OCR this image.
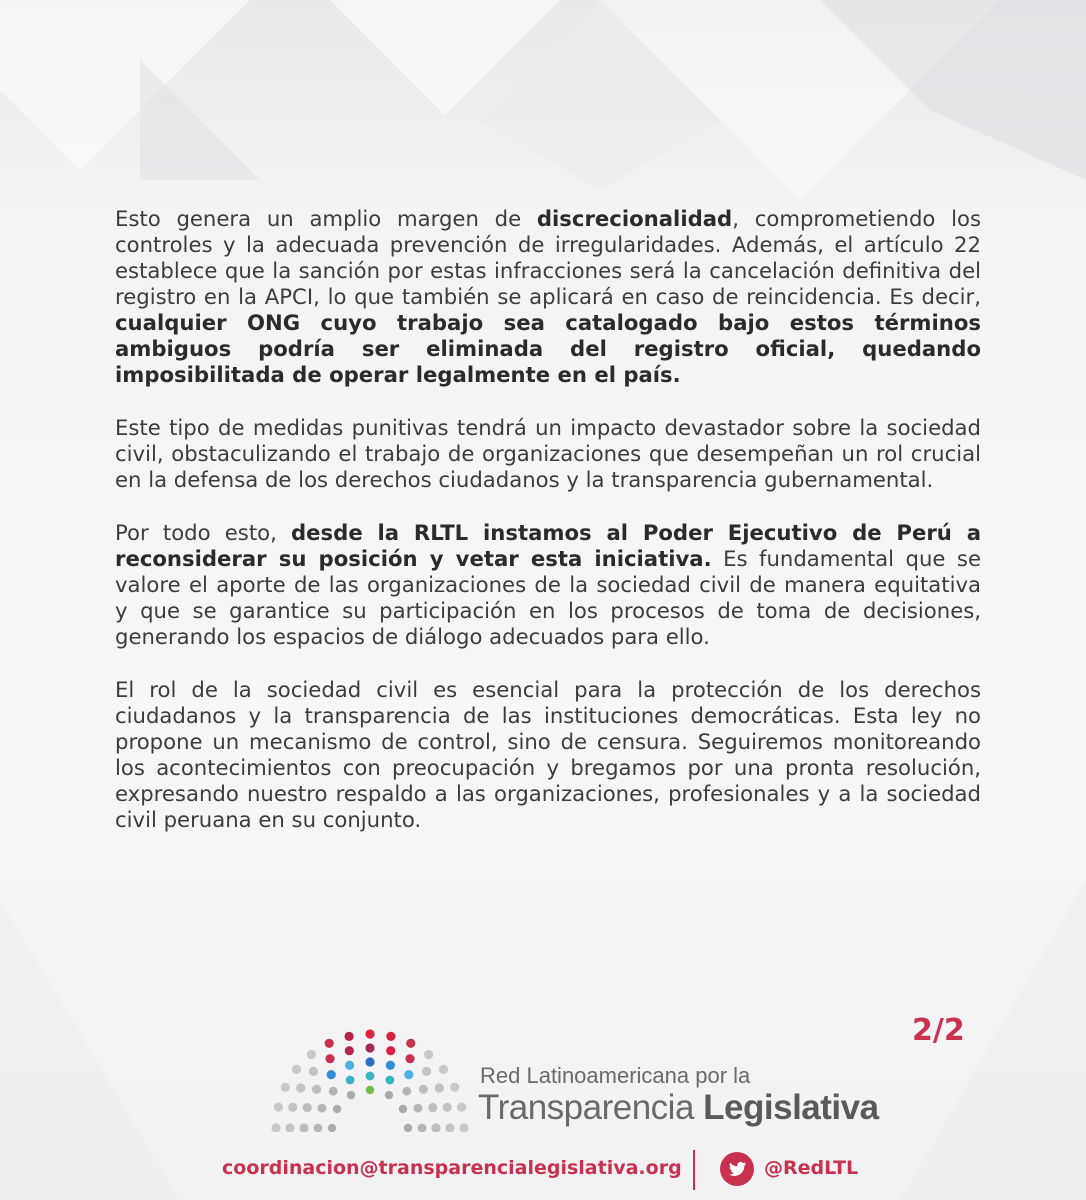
Esto genera un amplio margen de discrecionalidad, comprometiendo los controles y la adecuada prevención de irregularidades. Además, el artículo 22 establece que la sanción por estas infracciones será la cancelación definitiva del registro en la APCI, lo que también se aplicará en caso de reincidencia. Es decir, cualquier ONG cuyo trabajo sea catalogado bajo estos términos ambiguos podría ser eliminada del registro oficial, quedando imposibilitada de operar legalmente en el país.

Este tipo de medidas punitivas tendrá un impacto devastador sobre la sociedad civil, obstaculizando el trabajo de organizaciones que desempeñan un rol crucial en la defensa de los derechos ciudadanos y la transparencia gubernamental.

Por todo esto, desde la RLTL instamos al Poder Ejecutivo de Perú a reconsiderar su posición y vetar esta iniciativa. Es fundamental que se valore el aporte de las organizaciones de la sociedad civil de manera equitativa y que se garantice su participación en los procesos de toma de decisiones, generando los espacios de diálogo adecuados para ello.

El rol de la sociedad civil es esencial para la protección de los derechos ciudadanos y la transparencia de las instituciones democráticas. Esta ley no propone un mecanismo de control, sino de censura. Seguiremos monitoreando los acontecimientos con preocupación y bregamos por una pronta resolución, expresando nuestro respaldo a las organizaciones, profesionales y a la sociedad civil peruana en su conjunto.

2/2
Red Latinoamericana por la
Transparencia Legislativa
coordinacion@transparencialegislativa.org	@RedLTL
